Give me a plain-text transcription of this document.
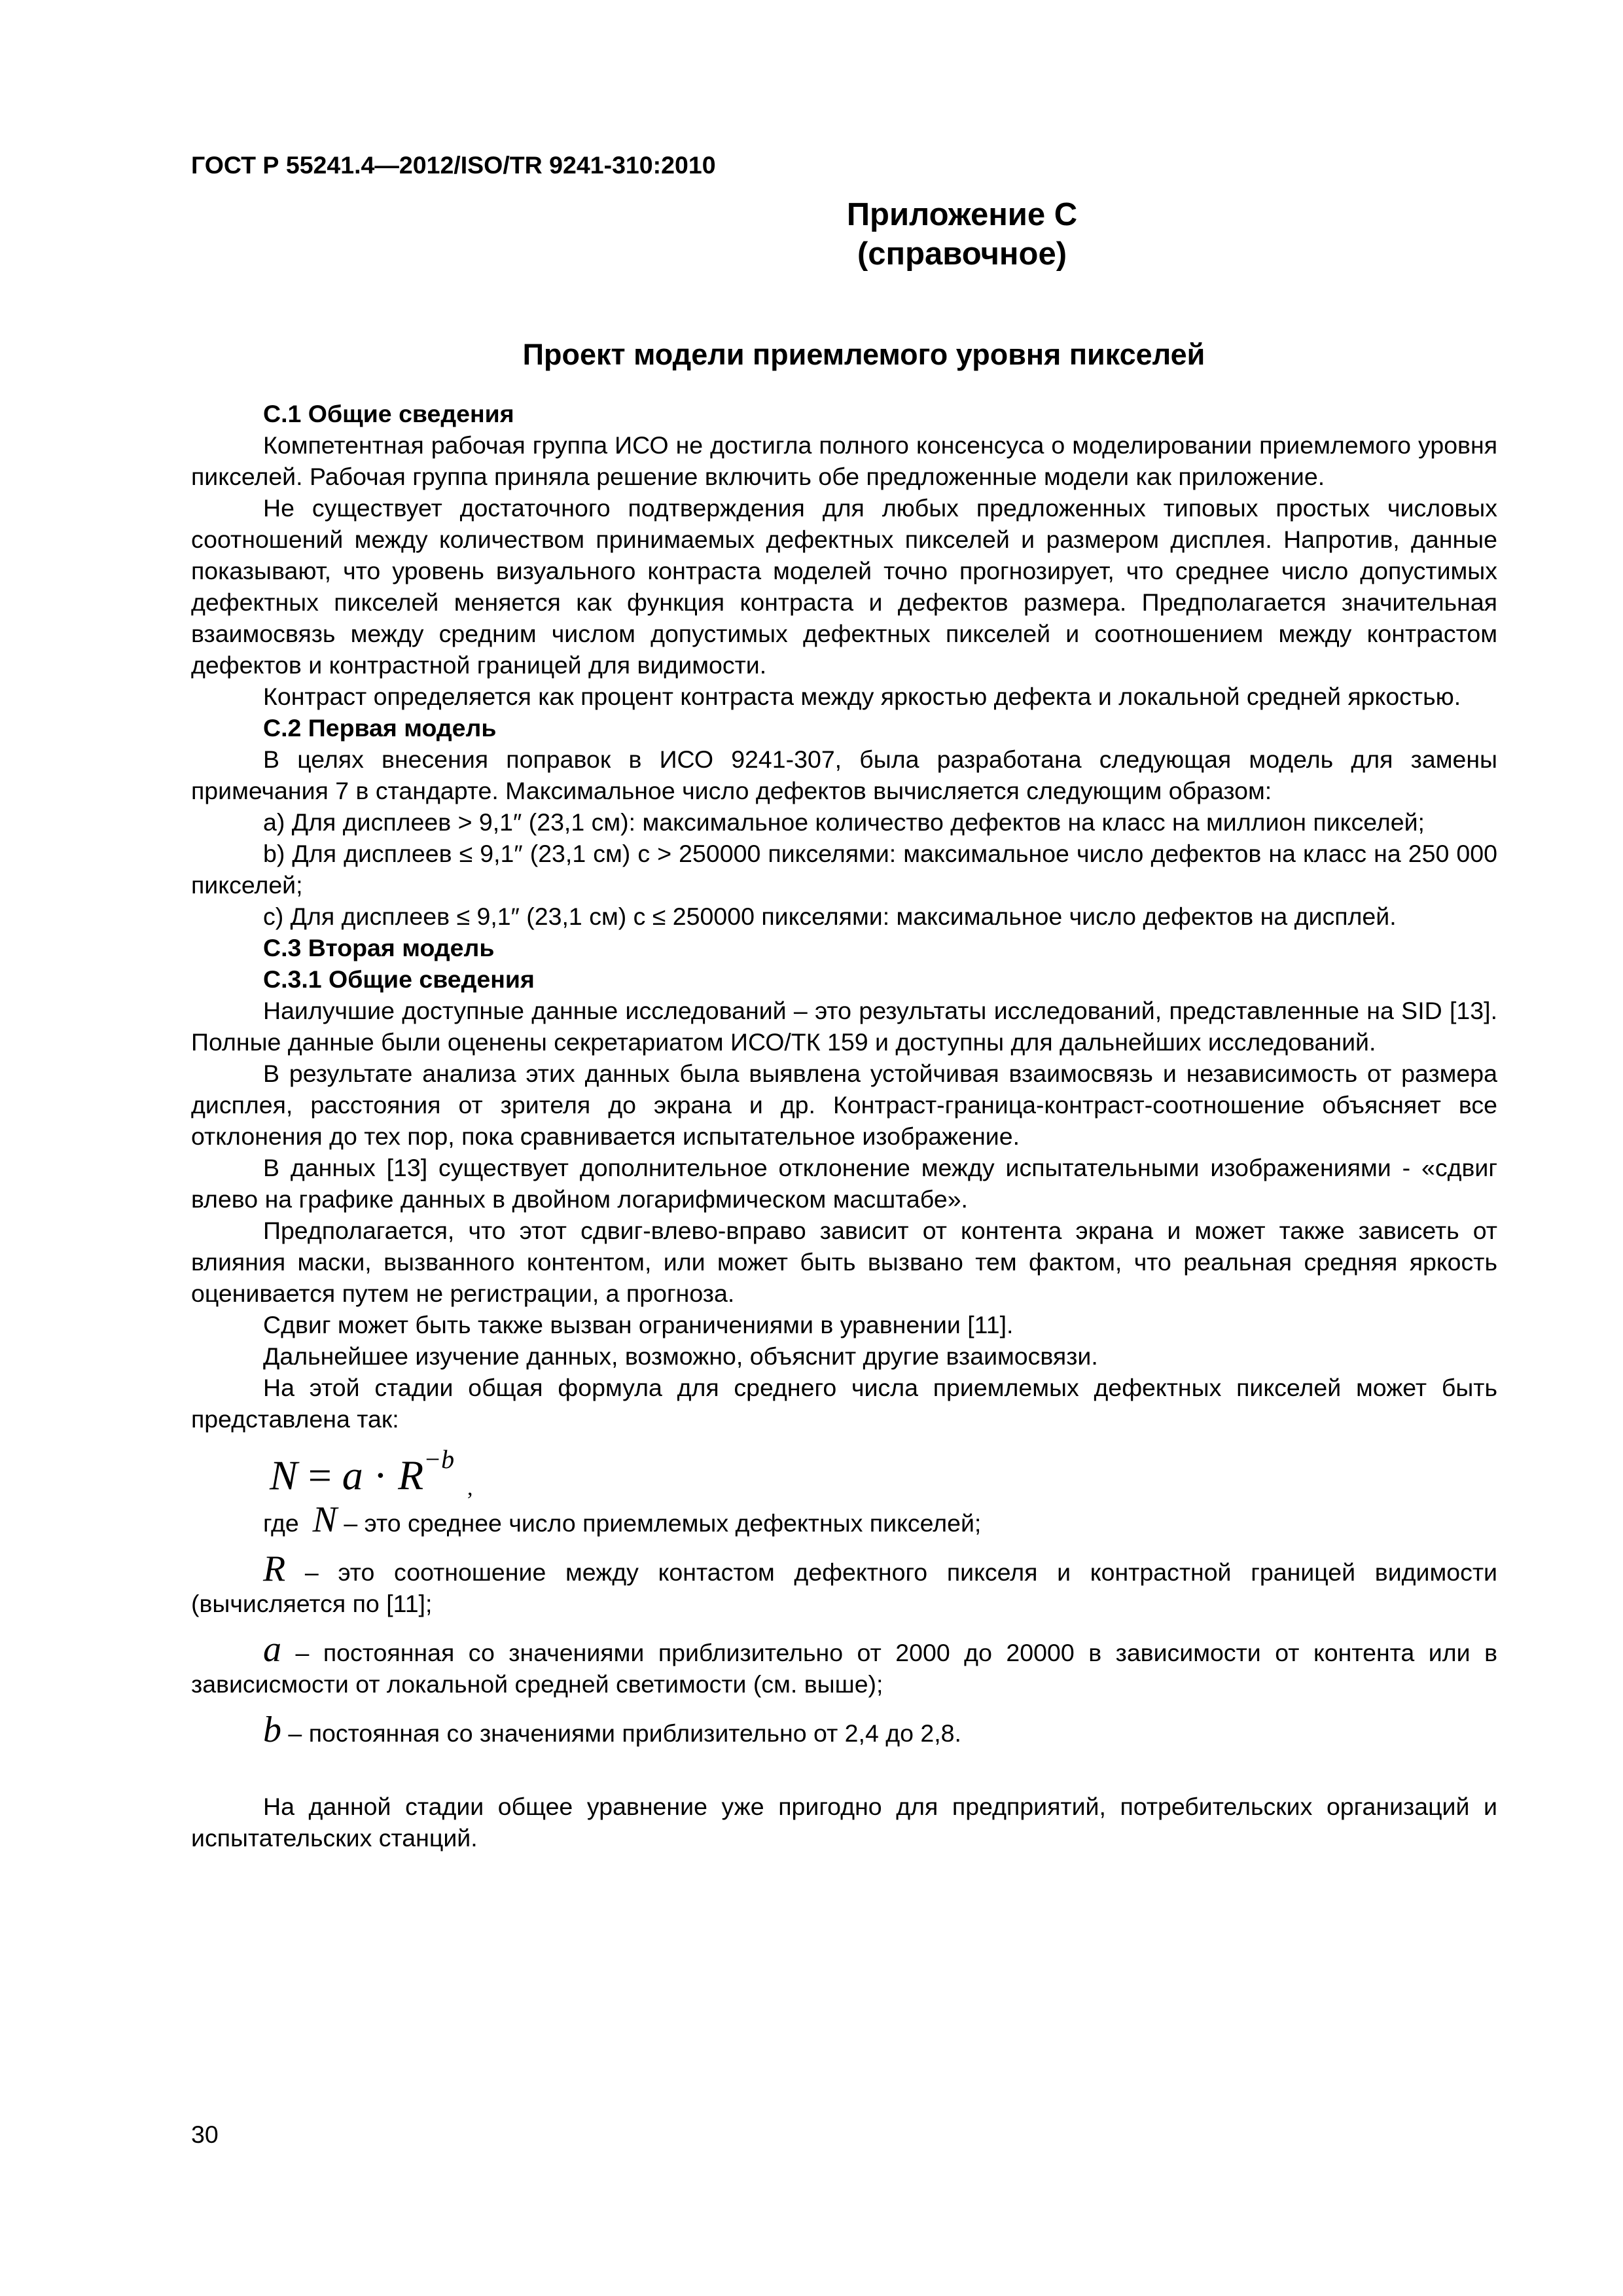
ГОСТ Р 55241.4—2012/ISO/TR 9241-310:2010
Приложение С
(справочное)
Проект модели приемлемого уровня пикселей
С.1 Общие сведения

Компетентная рабочая группа ИСО не достигла полного консенсуса о моделировании приемлемого уровня пикселей. Рабочая группа приняла решение включить обе предложенные модели как приложение.

Не существует достаточного подтверждения для любых предложенных типовых простых числовых соотношений между количеством принимаемых дефектных пикселей и размером дисплея. Напротив, данные показывают, что уровень визуального контраста моделей точно прогнозирует, что среднее число допустимых дефектных пикселей меняется как функция контраста и дефектов размера. Предполагается значительная взаимосвязь между средним числом допустимых дефектных пикселей и соотношением между контрастом дефектов и контрастной границей для видимости.

Контраст определяется как процент контраста между яркостью дефекта и локальной средней яркостью.

С.2 Первая модель

В целях внесения поправок в ИСО 9241-307, была разработана следующая модель для замены примечания 7 в стандарте. Максимальное число дефектов вычисляется следующим образом:

а) Для дисплеев > 9,1″ (23,1 см): максимальное количество дефектов на класс на миллион пикселей;

b) Для дисплеев ≤ 9,1″ (23,1 см) с > 250000 пикселями: максимальное число дефектов на класс на 250 000 пикселей;

с) Для дисплеев ≤ 9,1″ (23,1 см) с ≤ 250000 пикселями: максимальное число дефектов на дисплей.

С.3 Вторая модель
С.3.1 Общие сведения

Наилучшие доступные данные исследований – это результаты исследований, представленные на SID [13]. Полные данные были оценены секретариатом ИСО/ТК 159 и доступны для дальнейших исследований.

В результате анализа этих данных была выявлена устойчивая взаимосвязь и независимость от размера дисплея, расстояния от зрителя до экрана и др. Контраст-граница-контраст-соотношение объясняет все отклонения до тех пор, пока сравнивается испытательное изображение.

В данных [13] существует дополнительное отклонение между испытательными изображениями - «сдвиг влево на графике данных в двойном логарифмическом масштабе».

Предполагается, что этот сдвиг-влево-вправо зависит от контента экрана и может также зависеть от влияния маски, вызванного контентом, или может быть вызвано тем фактом, что реальная средняя яркость оценивается путем не регистрации, а прогноза.

Сдвиг может быть также вызван ограничениями в уравнении [11].

Дальнейшее изучение данных, возможно, объяснит другие взаимосвязи.

На этой стадии общая формула для среднего числа приемлемых дефектных пикселей может быть представлена так:

$N = a \cdot R^{-b}$
,

где N – это среднее число приемлемых дефектных пикселей;

R – это соотношение между контастом дефектного пикселя и контрастной границей видимости (вычисляется по [11];

a – постоянная со значениями приблизительно от 2000 до 20000 в зависимости от контента или в зависисмости от локальной средней светимости (см. выше);

b – постоянная со значениями приблизительно от 2,4 до 2,8.

На данной стадии общее уравнение уже пригодно для предприятий, потребительских организаций и испытательских станций.

30
